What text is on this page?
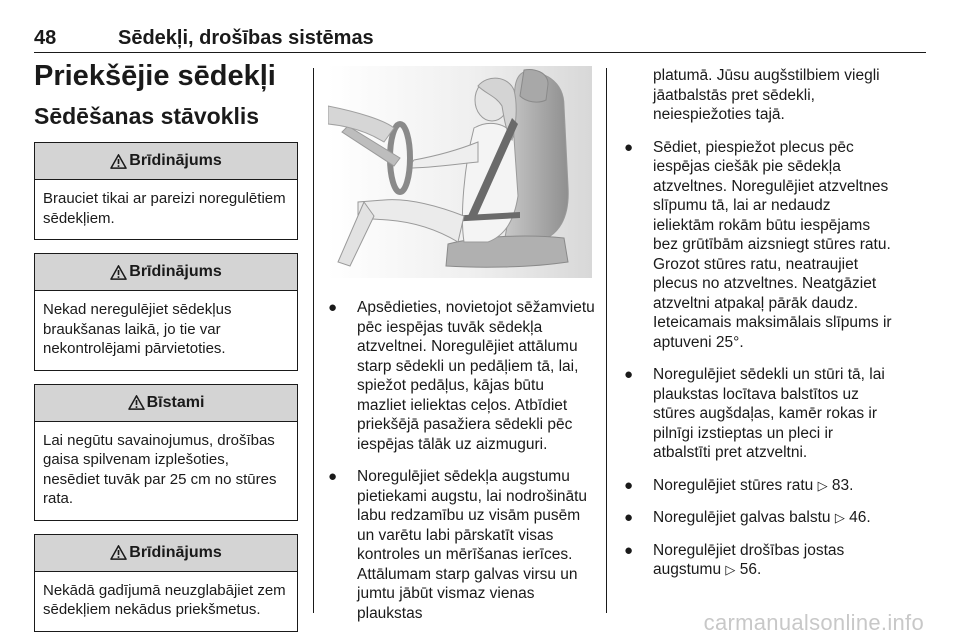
48	Sēdekļi, drošības sistēmas
Priekšējie sēdekļi
Sēdēšanas stāvoklis
Brīdinājums
Brauciet tikai ar pareizi noregulētiem sēdekļiem.
Brīdinājums
Nekad neregulējiet sēdekļus braukšanas laikā, jo tie var nekontrolējami pārvietoties.
Bīstami
Lai negūtu savainojumus, drošības gaisa spilvenam izplešoties, nesēdiet tuvāk par 25 cm no stūres rata.
Brīdinājums
Nekādā gadījumā neuzglabājiet zem sēdekļiem nekādus priekšmetus.
● Apsēdieties, novietojot sēžamvietu pēc iespējas tuvāk sēdekļa atzveltnei. Noregulējiet attālumu starp sēdekli un pedāļiem tā, lai, spiežot pedāļus, kājas būtu mazliet ieliektas ceļos. Atbīdiet priekšējā pasažiera sēdekli pēc iespējas tālāk uz aizmuguri.
● Noregulējiet sēdekļa augstumu pietiekami augstu, lai nodrošinātu labu redzamību uz visām pusēm un varētu labi pārskatīt visas kontroles un mērīšanas ierīces. Attālumam starp galvas virsu un jumtu jābūt vismaz vienas plaukstas
platumā. Jūsu augšstilbiem viegli jāatbalstās pret sēdekli, neiespiežoties tajā.
● Sēdiet, piespiežot plecus pēc iespējas ciešāk pie sēdekļa atzveltnes. Noregulējiet atzveltnes slīpumu tā, lai ar nedaudz ieliektām rokām būtu iespējams bez grūtībām aizsniegt stūres ratu. Grozot stūres ratu, neatraujiet plecus no atzveltnes. Neatgāziet atzveltni atpakaļ pārāk daudz. Ieteicamais maksimālais slīpums ir aptuveni 25°.
● Noregulējiet sēdekli un stūri tā, lai plaukstas locītava balstītos uz stūres augšdaļas, kamēr rokas ir pilnīgi izstieptas un pleci ir atbalstīti pret atzveltni.
● Noregulējiet stūres ratu ▷ 83.
● Noregulējiet galvas balstu ▷ 46.
● Noregulējiet drošības jostas augstumu ▷ 56.
carmanualsonline.info
